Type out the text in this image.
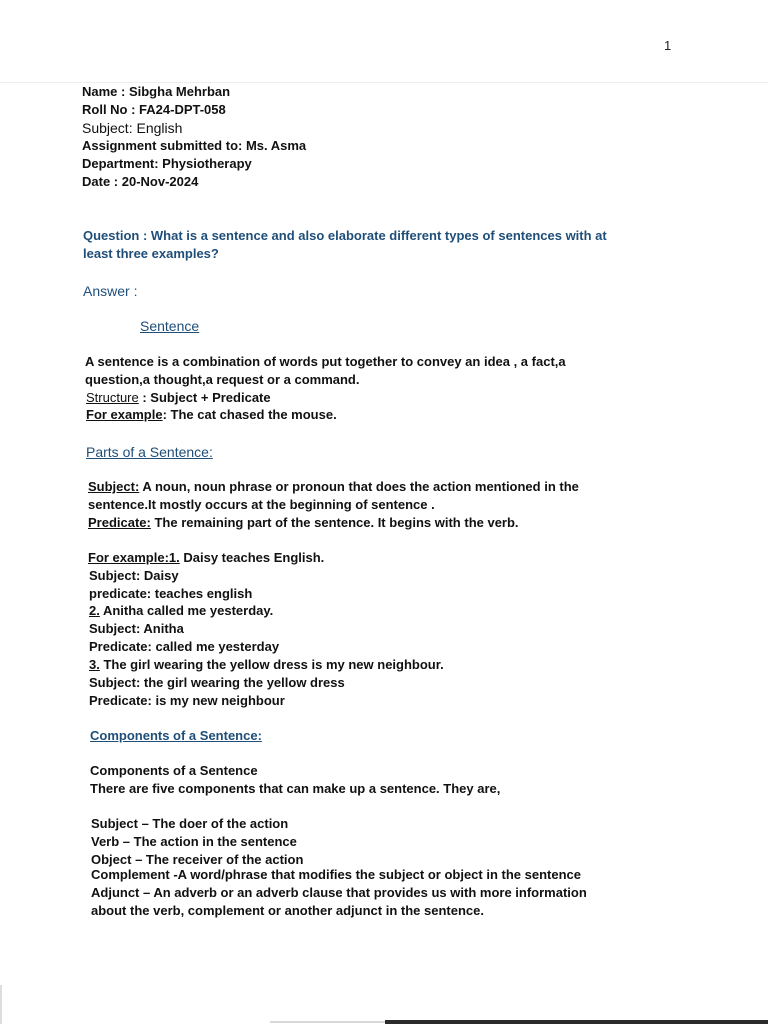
1
Name : Sibgha Mehrban
Roll No : FA24-DPT-058
Subject: English
Assignment submitted to: Ms. Asma
Department: Physiotherapy
Date : 20-Nov-2024
Question : What is a sentence and also elaborate different types of sentences with at
least three examples?
Answer :
Sentence
A sentence is a combination of words put together to convey an idea , a fact,a
question,a thought,a request or a command.
Structure : Subject + Predicate
For example: The cat chased the mouse.
Parts of a Sentence:
Subject: A noun, noun phrase or pronoun that does the action mentioned in the
sentence.It mostly occurs at the beginning of sentence .
Predicate: The remaining part of the sentence. It begins with the verb.
For example:1. Daisy teaches English.
Subject: Daisy
predicate: teaches english
2. Anitha called me yesterday.
Subject: Anitha
Predicate: called me yesterday
3. The girl wearing the yellow dress is my new neighbour.
Subject: the girl wearing the yellow dress
Predicate: is my new neighbour
Components of a Sentence:
Components of a Sentence
There are five components that can make up a sentence. They are,
Subject – The doer of the action
Verb – The action in the sentence
Object – The receiver of the action
Complement -A word/phrase that modifies the subject or object in the sentence
Adjunct – An adverb or an adverb clause that provides us with more information
about the verb, complement or another adjunct in the sentence.
